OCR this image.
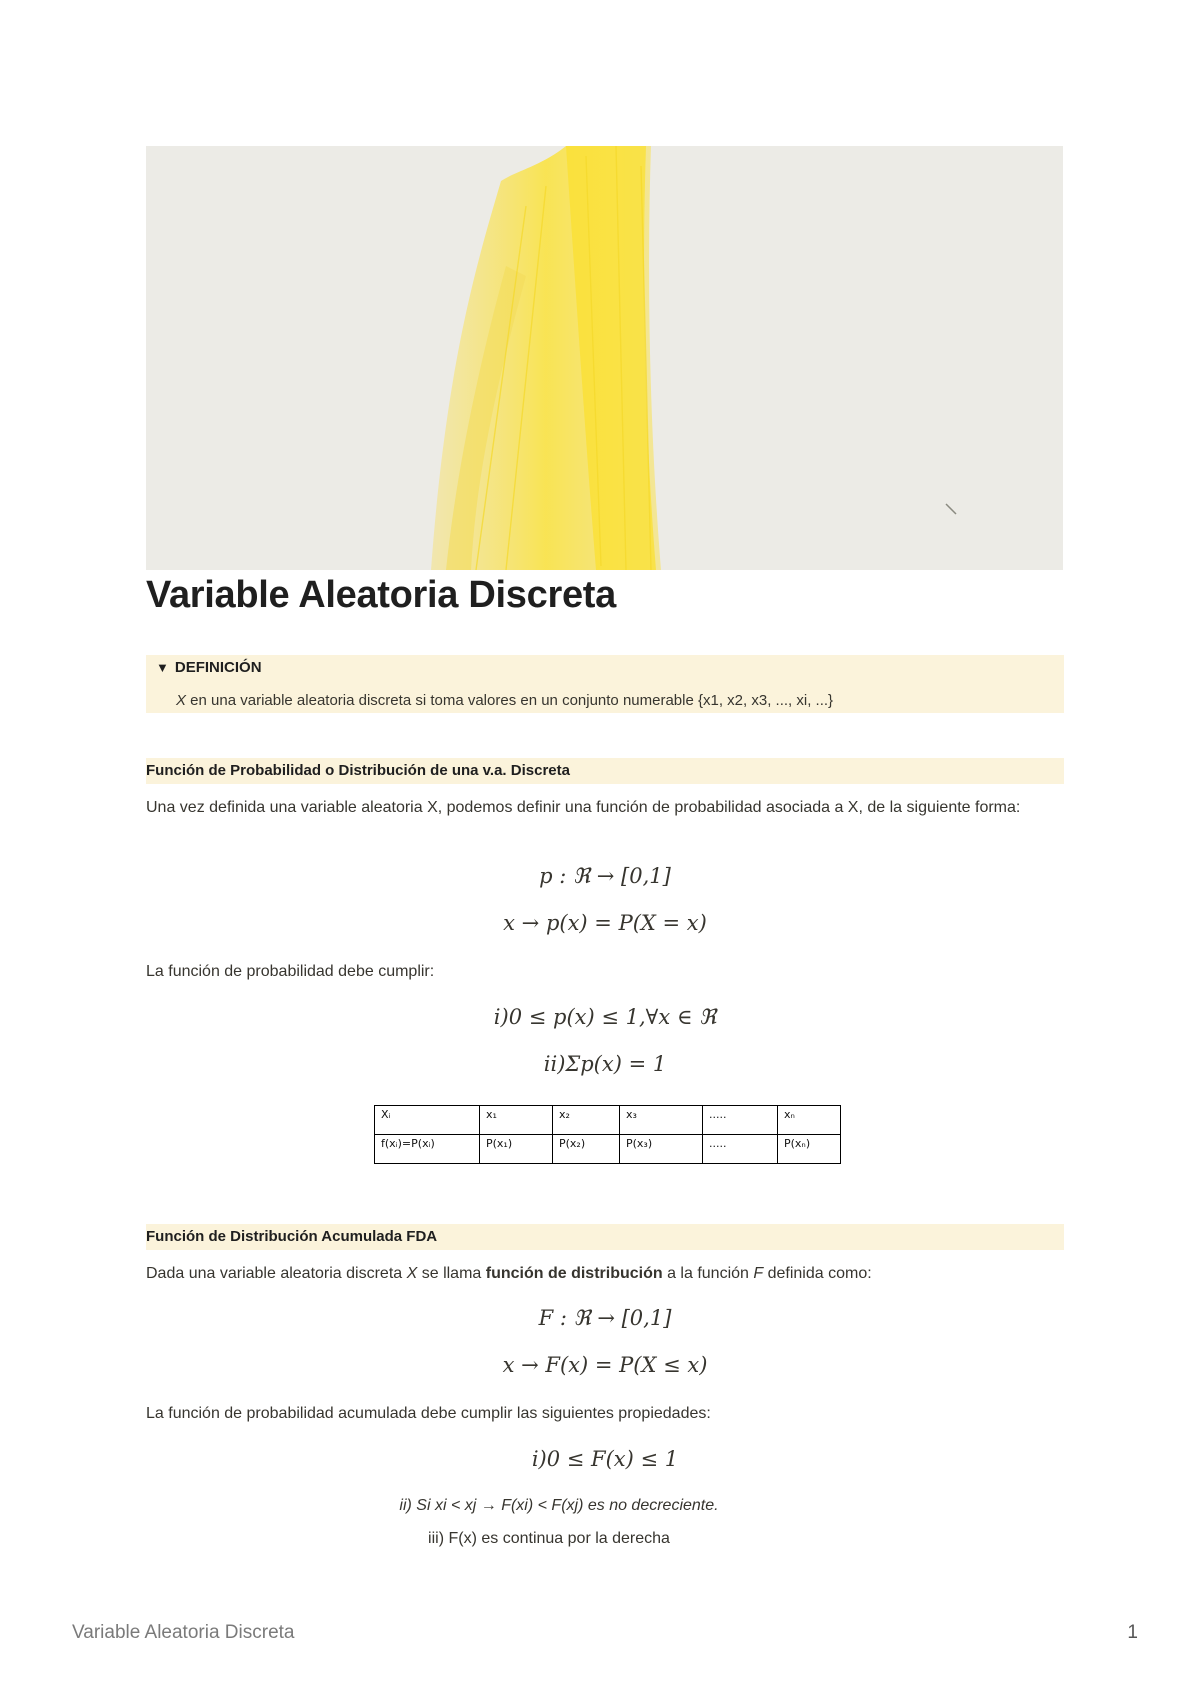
Variable Aleatoria Discreta
▼ DEFINICIÓN
X en una variable aleatoria discreta si toma valores en un conjunto numerable {x1, x2, x3, ..., xi, ...}
Función de Probabilidad o Distribución de una v.a. Discreta

Una vez definida una variable aleatoria X, podemos definir una función de probabilidad asociada a X, de la siguiente forma:

p : ℜ → [0,1]
x → p(x) = P(X = x)

La función de probabilidad debe cumplir:

i)0 ≤ p(x) ≤ 1,∀x ∈ ℜ
ii)Σp(x) = 1
Xᵢ	x₁	x₂	x₃	.....	xₙ
f(xᵢ)=P(xᵢ)	P(x₁)	P(x₂)	P(x₃)	.....	P(xₙ)
Función de Distribución Acumulada FDA

Dada una variable aleatoria discreta X se llama función de distribución a la función F definida como:

F : ℜ → [0,1]
x → F(x) = P(X ≤ x)

La función de probabilidad acumulada debe cumplir las siguientes propiedades:

i)0 ≤ F(x) ≤ 1
ii) Si xi < xj → F(xi) < F(xj) es no decreciente.
iii) F(x) es continua por la derecha
Variable Aleatoria Discreta	1
